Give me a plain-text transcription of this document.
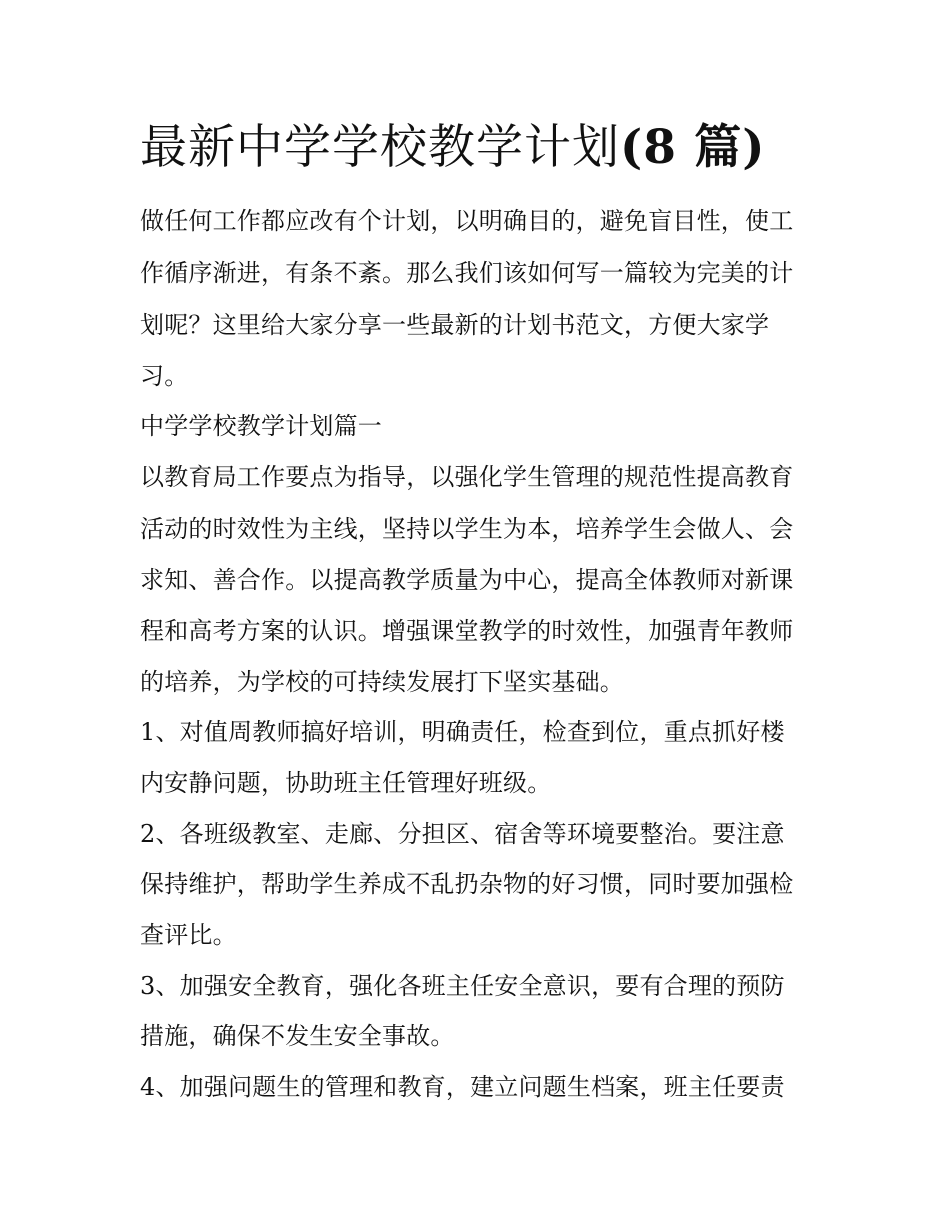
最新中学学校教学计划(8 篇)

做任何工作都应改有个计划，以明确目的，避免盲目性，使工

作循序渐进，有条不紊。那么我们该如何写一篇较为完美的计

划呢？这里给大家分享一些最新的计划书范文，方便大家学

习。

中学学校教学计划篇一

以教育局工作要点为指导，以强化学生管理的规范性提高教育

活动的时效性为主线，坚持以学生为本，培养学生会做人、会

求知、善合作。以提高教学质量为中心，提高全体教师对新课

程和高考方案的认识。增强课堂教学的时效性，加强青年教师

的培养，为学校的可持续发展打下坚实基础。

1、对值周教师搞好培训，明确责任，检查到位，重点抓好楼

内安静问题，协助班主任管理好班级。

2、各班级教室、走廊、分担区、宿舍等环境要整治。要注意

保持维护，帮助学生养成不乱扔杂物的好习惯，同时要加强检

查评比。

3、加强安全教育，强化各班主任安全意识，要有合理的预防

措施，确保不发生安全事故。

4、加强问题生的管理和教育，建立问题生档案，班主任要责
